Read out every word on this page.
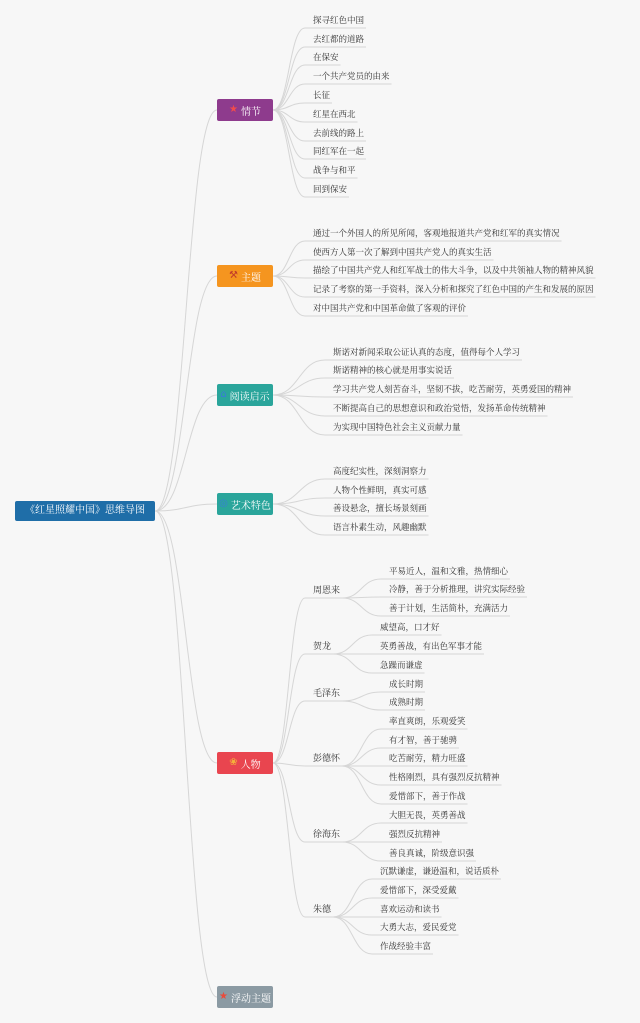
《红星照耀中国》思维导图
★ 情节
⚒ 主题
⌂ 阅读启示
◎ 艺术特色
❀ 人物
★ 浮动主题
探寻红色中国
去红都的道路
在保安
一个共产党员的由来
长征
红星在西北
去前线的路上
同红军在一起
战争与和平
回到保安
通过一个外国人的所见所闻，客观地报道共产党和红军的真实情况
使西方人第一次了解到中国共产党人的真实生活
描绘了中国共产党人和红军战士的伟大斗争，以及中共领袖人物的精神风貌
记录了考察的第一手资料，深入分析和探究了红色中国的产生和发展的原因
对中国共产党和中国革命做了客观的评价
斯诺对新闻采取公证认真的态度，值得每个人学习
斯诺精神的核心就是用事实说话
学习共产党人刻苦奋斗，坚韧不拔，吃苦耐劳，英勇爱国的精神
不断提高自己的思想意识和政治觉悟，发扬革命传统精神
为实现中国特色社会主义贡献力量
高度纪实性，深刻洞察力
人物个性鲜明，真实可感
善设悬念，擅长场景刻画
语言朴素生动，风趣幽默
周恩来
平易近人，温和文雅，热情细心
冷静，善于分析推理，讲究实际经验
善于计划，生活简朴，充满活力
贺龙
威望高，口才好
英勇善战，有出色军事才能
急躁而谦虚
毛泽东
成长时期
成熟时期
彭德怀
率直爽朗，乐观爱笑
有才智，善于驰骋
吃苦耐劳，精力旺盛
性格刚烈，具有强烈反抗精神
爱惜部下，善于作战
徐海东
大胆无畏，英勇善战
强烈反抗精神
善良真诚，阶级意识强
朱德
沉默谦虚，谦逊温和，说话质朴
爱惜部下，深受爱戴
喜欢运动和读书
大勇大志，爱民爱党
作战经验丰富
